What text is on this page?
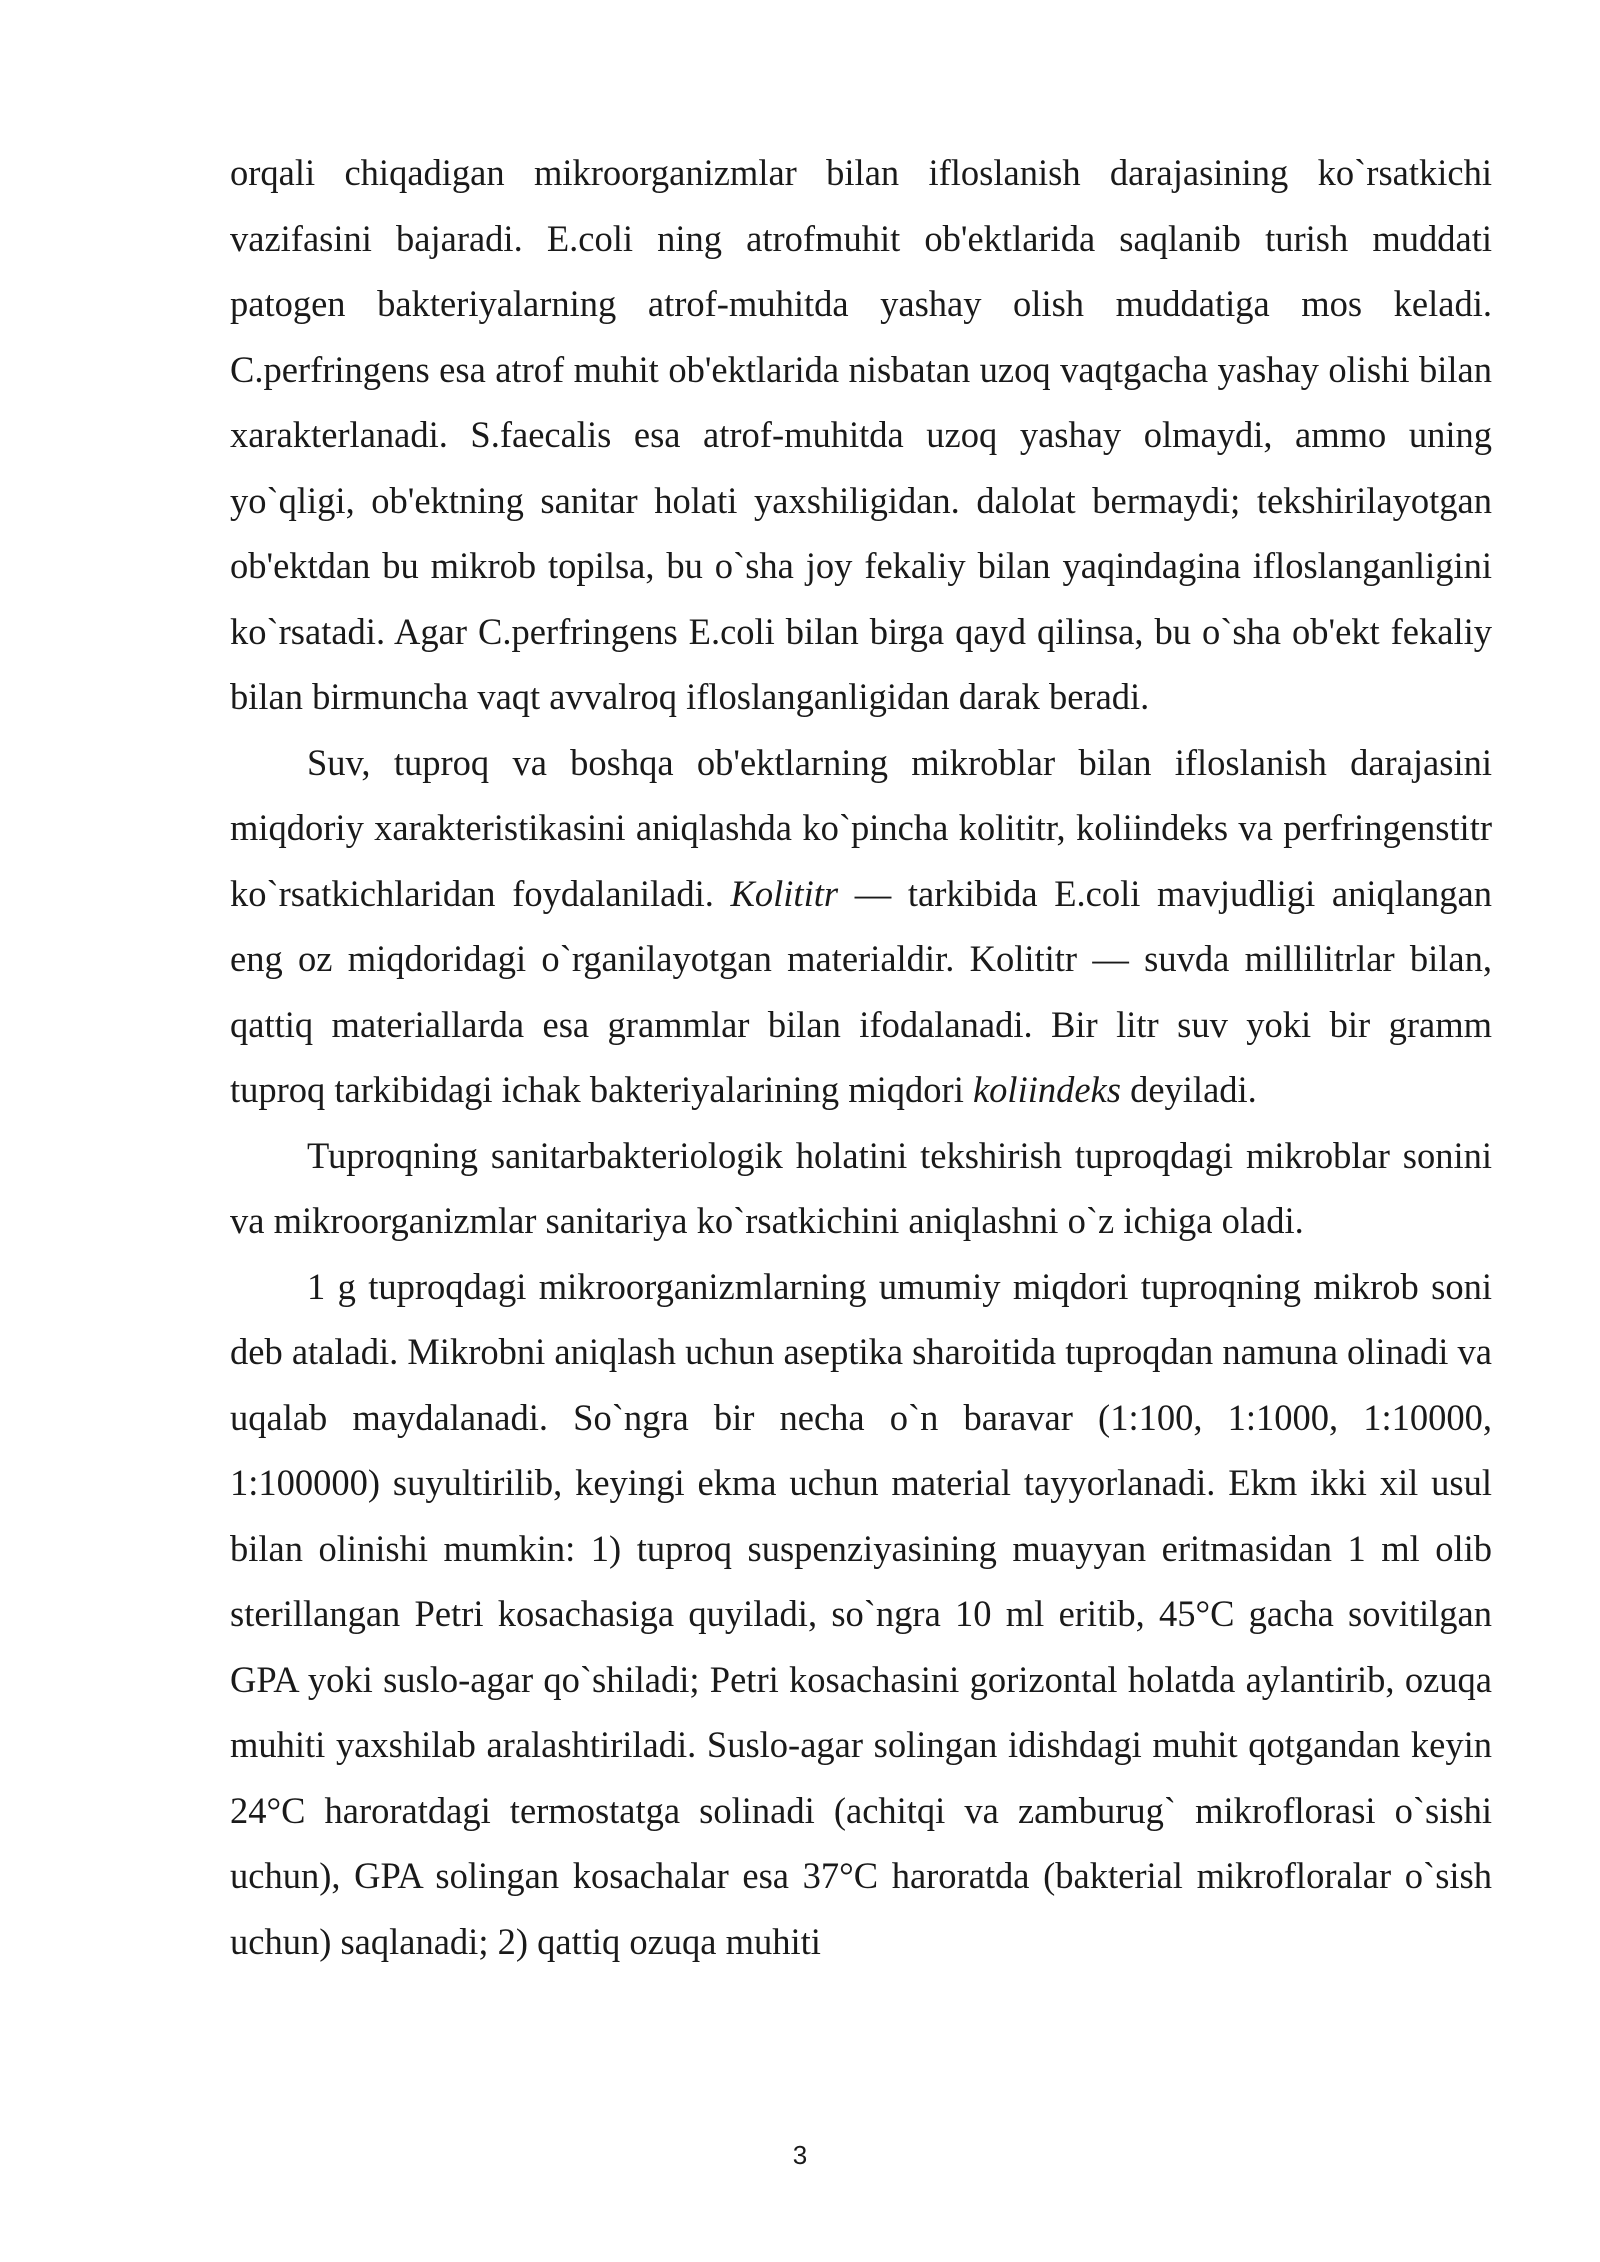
orqali chiqadigan mikroorganizmlar bilan ifloslanish darajasining ko`rsatkichi vazifasini bajaradi. E.coli ning atrofmuhit ob'ektlarida saqlanib turish muddati patogen bakteriyalarning atrof-muhitda yashay olish muddatiga mos keladi. C.perfringens esa atrof muhit ob'ektlarida nisbatan uzoq vaqtgacha yashay olishi bilan xarakterlanadi. S.faecalis esa atrof-muhitda uzoq yashay olmaydi, ammo uning yo`qligi, ob'ektning sanitar holati yaxshiligidan. dalolat bermaydi; tekshirilayotgan ob'ektdan bu mikrob topilsa, bu o`sha joy fekaliy bilan yaqindagina ifloslanganligini ko`rsatadi. Agar C.perfringens E.coli bilan birga qayd qilinsa, bu o`sha ob'ekt fekaliy bilan birmuncha vaqt avvalroq ifloslanganligidan darak beradi.

Suv, tuproq va boshqa ob'ektlarning mikroblar bilan ifloslanish darajasini miqdoriy xarakteristikasini aniqlashda ko`pincha kolititr, koliindeks va perfringenstitr ko`rsatkichlaridan foydalaniladi. Kolititr — tarkibida E.coli mavjudligi aniqlangan eng oz miqdoridagi o`rganilayotgan materialdir. Kolititr — suvda millilitrlar bilan, qattiq materiallarda esa grammlar bilan ifodalanadi. Bir litr suv yoki bir gramm tuproq tarkibidagi ichak bakteriyalarining miqdori koliindeks deyiladi.

Tuproqning sanitarbakteriologik holatini tekshirish tuproqdagi mikroblar sonini va mikroorganizmlar sanitariya ko`rsatkichini aniqlashni o`z ichiga oladi.

1 g tuproqdagi mikroorganizmlarning umumiy miqdori tuproqning mikrob soni deb ataladi. Mikrobni aniqlash uchun aseptika sharoitida tuproqdan namuna olinadi va uqalab maydalanadi. So`ngra bir necha o`n baravar (1:100, 1:1000, 1:10000, 1:100000) suyultirilib, keyingi ekma uchun material tayyorlanadi. Ekm ikki xil usul bilan olinishi mumkin: 1) tuproq suspenziyasining muayyan eritmasidan 1 ml olib sterillangan Petri kosachasiga quyiladi, so`ngra 10 ml eritib, 45°C gacha sovitilgan GPA yoki suslo-agar qo`shiladi; Petri kosachasini gorizontal holatda aylantirib, ozuqa muhiti yaxshilab aralashtiriladi. Suslo-agar solingan idishdagi muhit qotgandan keyin 24°C haroratdagi termostatga solinadi (achitqi va zamburug` mikroflorasi o`sishi uchun), GPA solingan kosachalar esa 37°C haroratda (bakterial mikrofloralar o`sish uchun) saqlanadi; 2) qattiq ozuqa muhiti

3
